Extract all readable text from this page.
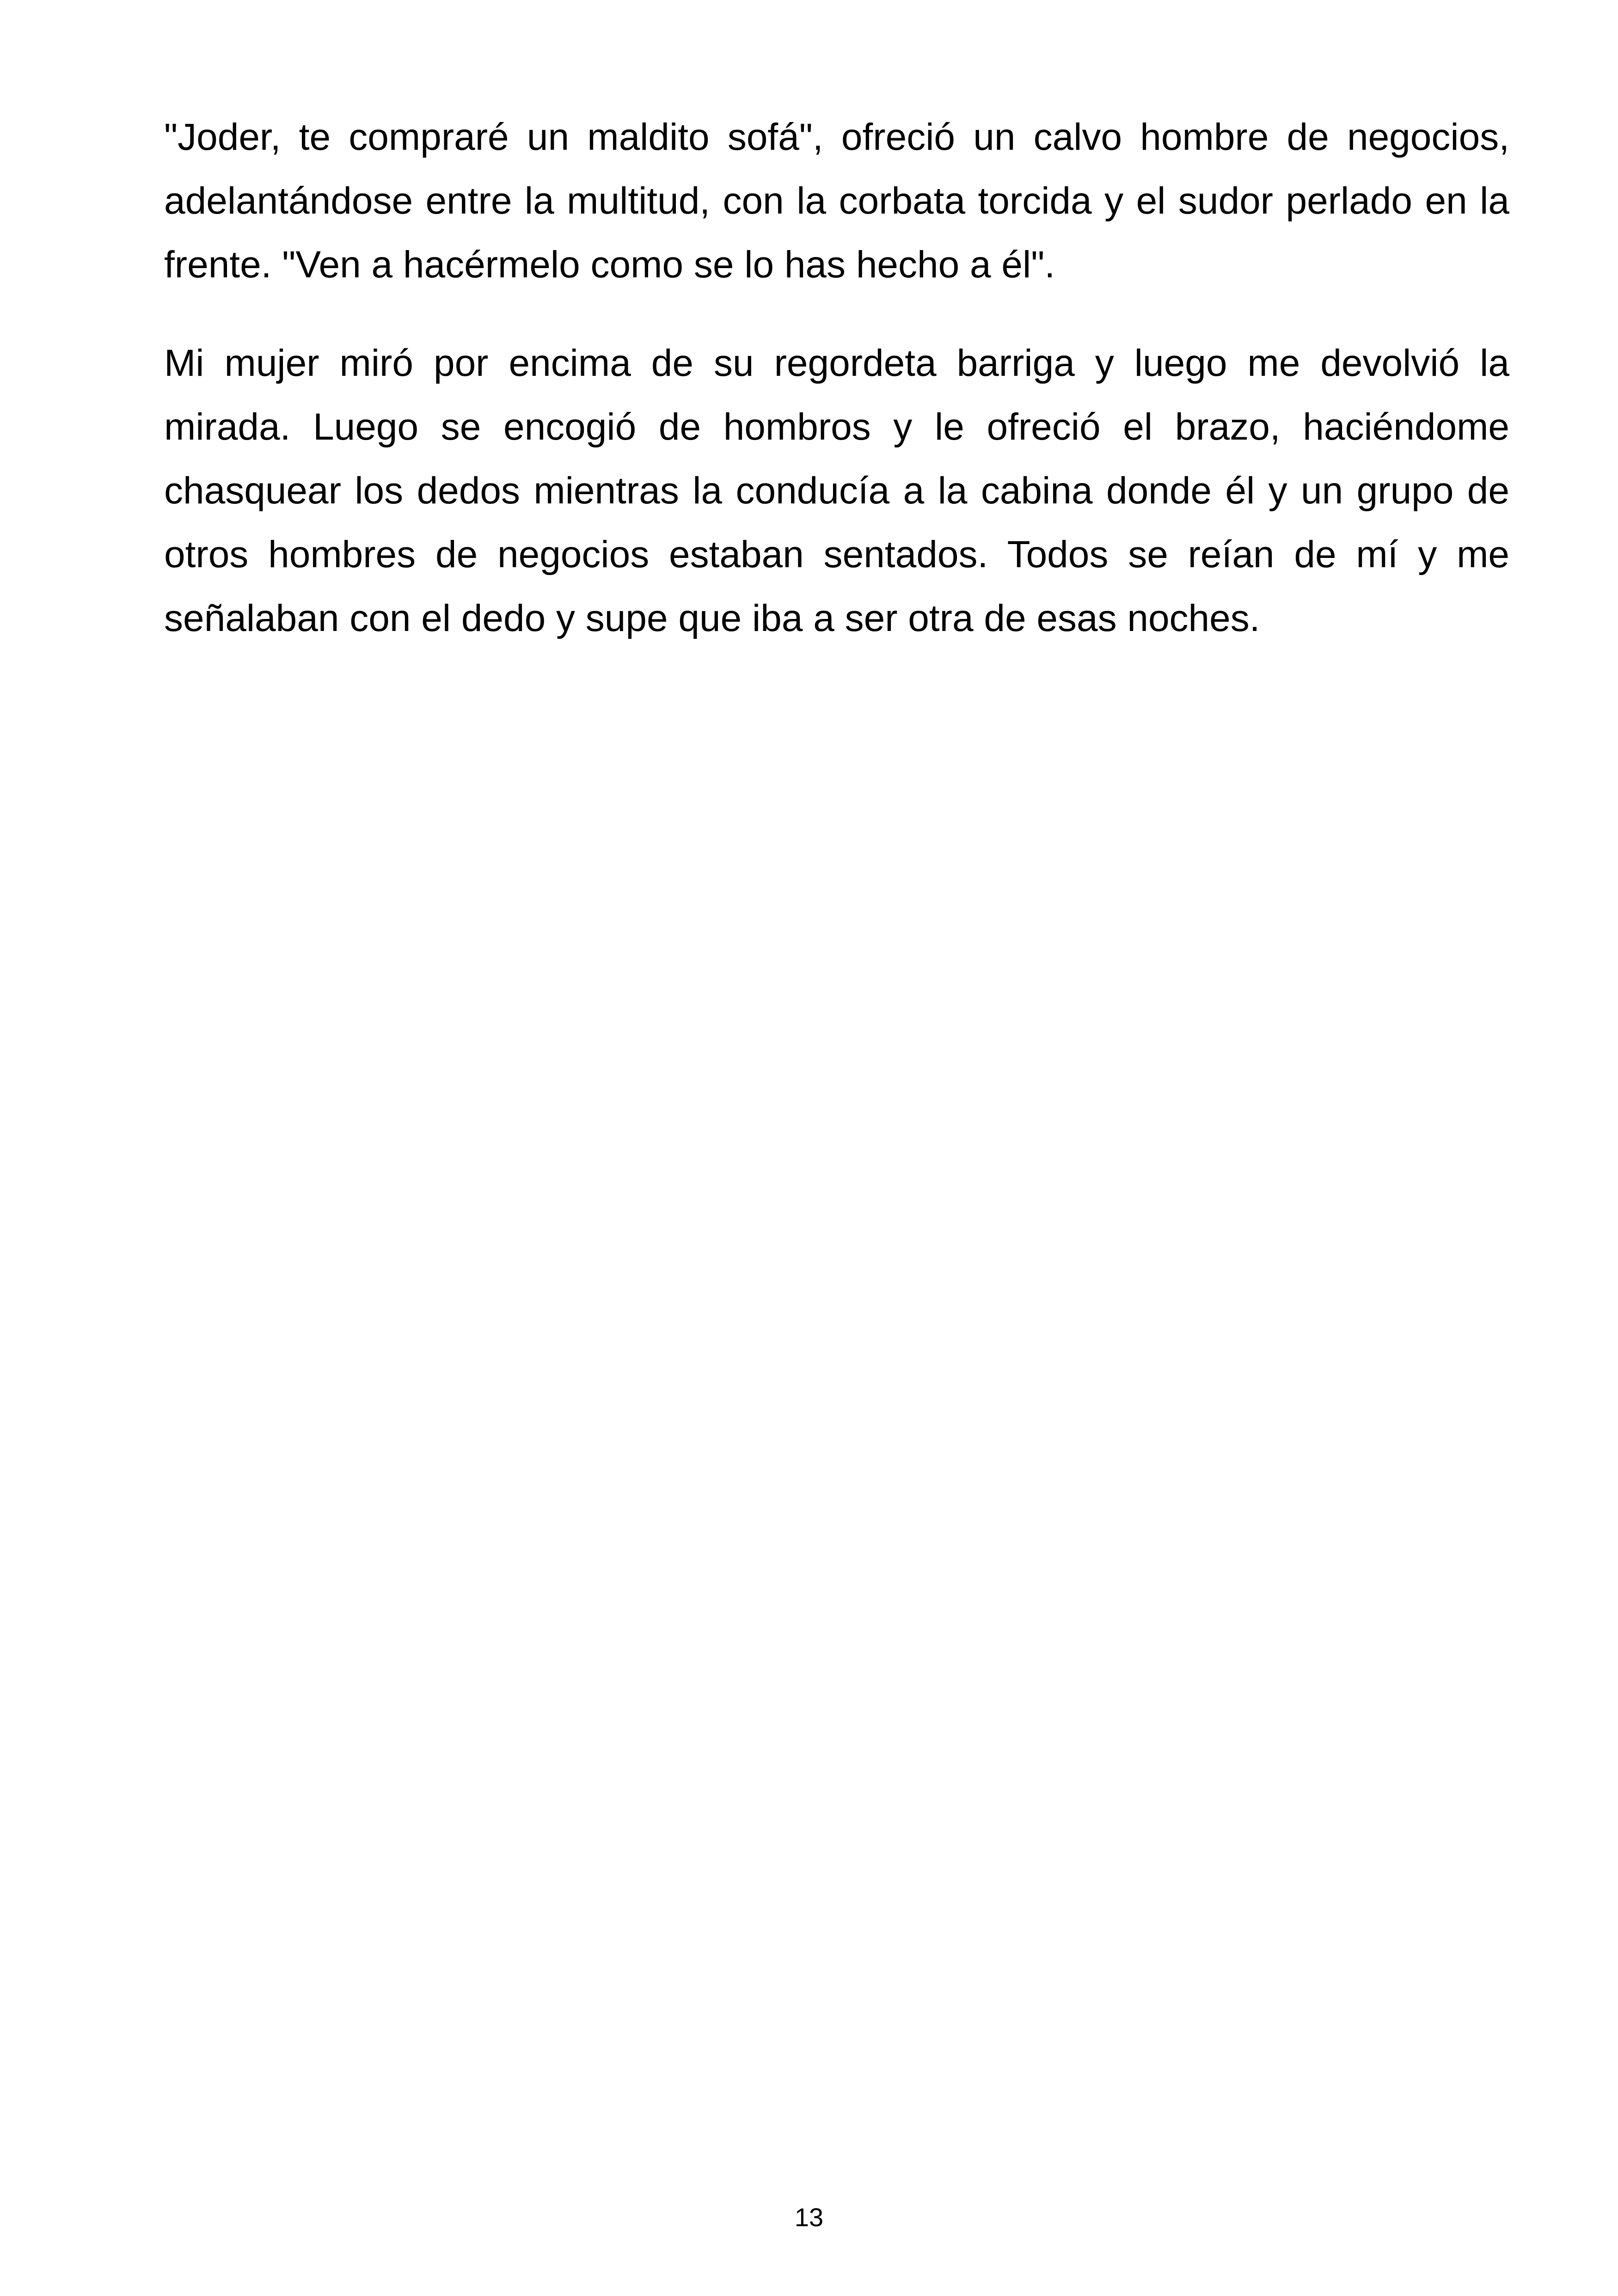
"Joder, te compraré un maldito sofá", ofreció un calvo hombre de negocios, adelantándose entre la multitud, con la corbata torcida y el sudor perlado en la frente. "Ven a hacérmelo como se lo has hecho a él".

Mi mujer miró por encima de su regordeta barriga y luego me devolvió la mirada. Luego se encogió de hombros y le ofreció el brazo, haciéndome chasquear los dedos mientras la conducía a la cabina donde él y un grupo de otros hombres de negocios estaban sentados. Todos se reían de mí y me señalaban con el dedo y supe que iba a ser otra de esas noches.

13
